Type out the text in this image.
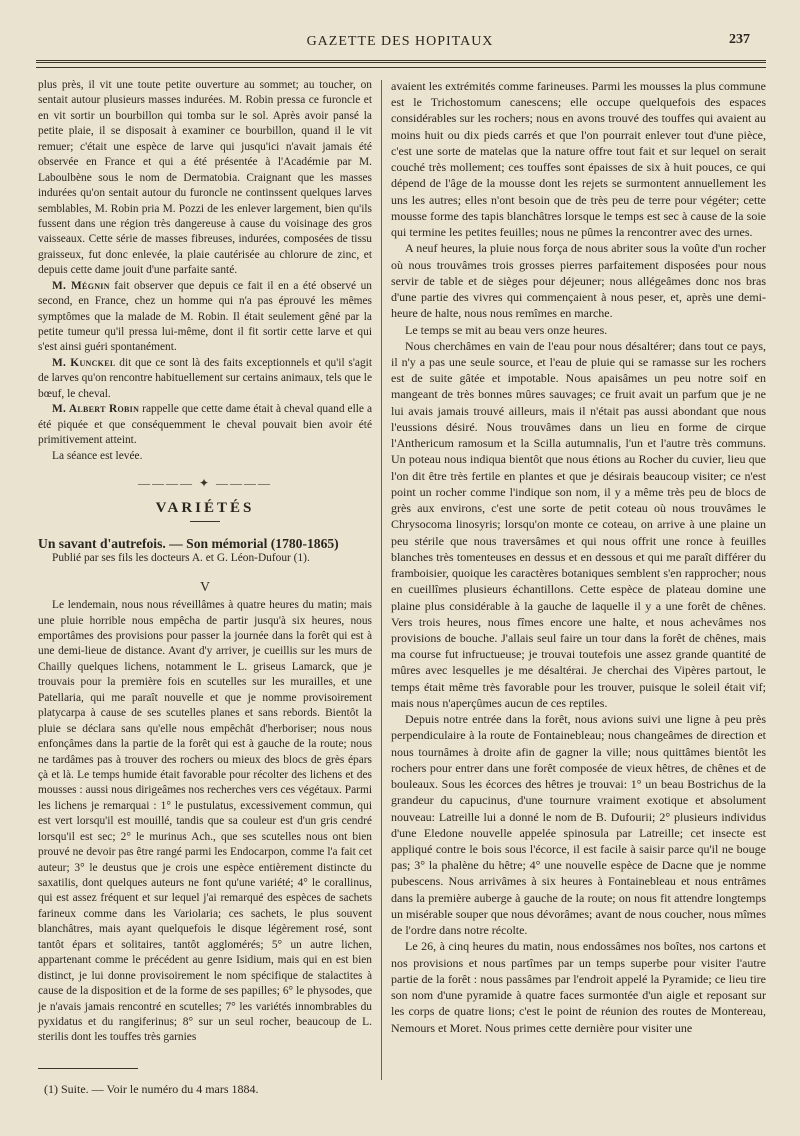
GAZETTE DES HOPITAUX	237

plus près, il vit une toute petite ouverture au sommet; au toucher, on sentait autour plusieurs masses indurées. M. Robin pressa ce furoncle et en vit sortir un bourbillon qui tomba sur le sol. Après avoir pansé la petite plaie, il se disposait à examiner ce bourbillon, quand il le vit remuer; c'était une espèce de larve qui jusqu'ici n'avait jamais été observée en France et qui a été présentée à l'Académie par M. Laboulbène sous le nom de Dermatobia. Craignant que les masses indurées qu'on sentait autour du furoncle ne continssent quelques larves semblables, M. Robin pria M. Pozzi de les enlever largement, bien qu'ils fussent dans une région très dangereuse à cause du voisinage des gros vaisseaux. Cette série de masses fibreuses, indurées, composées de tissu graisseux, fut donc enlevée, la plaie cautérisée au chlorure de zinc, et depuis cette dame jouit d'une parfaite santé.

M. Mégnin fait observer que depuis ce fait il en a été observé un second, en France, chez un homme qui n'a pas éprouvé les mêmes symptômes que la malade de M. Robin. Il était seulement gêné par la petite tumeur qu'il pressa lui-même, dont il fit sortir cette larve et qui s'est ainsi guéri spontanément.

M. Kunckel dit que ce sont là des faits exceptionnels et qu'il s'agit de larves qu'on rencontre habituellement sur certains animaux, tels que le bœuf, le cheval.

M. Albert Robin rappelle que cette dame était à cheval quand elle a été piquée et que conséquemment le cheval pouvait bien avoir été primitivement atteint.

La séance est levée.

———— ✦ ————
VARIÉTÉS

Un savant d'autrefois. — Son mémorial (1780-1865)

Publié par ses fils les docteurs A. et G. Léon-Dufour (1).

V

Le lendemain, nous nous réveillâmes à quatre heures du matin; mais une pluie horrible nous empêcha de partir jusqu'à six heures, nous emportâmes des provisions pour passer la journée dans la forêt qui est à une demi-lieue de distance. Avant d'y arriver, je cueillis sur les murs de Chailly quelques lichens, notamment le L. griseus Lamarck, que je trouvais pour la première fois en scutelles sur les murailles, et une Patellaria, qui me paraît nouvelle et que je nomme provisoirement platycarpa à cause de ses scutelles planes et sans rebords. Bientôt la pluie se déclara sans qu'elle nous empêchât d'herboriser; nous nous enfonçâmes dans la partie de la forêt qui est à gauche de la route; nous ne tardâmes pas à trouver des rochers ou mieux des blocs de grès épars çà et là. Le temps humide était favorable pour récolter des lichens et des mousses : aussi nous dirigeâmes nos recherches vers ces végétaux. Parmi les lichens je remarquai : 1° le pustulatus, excessivement commun, qui est vert lorsqu'il est mouillé, tandis que sa couleur est d'un gris cendré lorsqu'il est sec; 2° le murinus Ach., que ses scutelles nous ont bien prouvé ne devoir pas être rangé parmi les Endocarpon, comme l'a fait cet auteur; 3° le deustus que je crois une espèce entièrement distincte du saxatilis, dont quelques auteurs ne font qu'une variété; 4° le corallinus, qui est assez fréquent et sur lequel j'ai remarqué des espèces de sachets farineux comme dans les Variolaria; ces sachets, le plus souvent blanchâtres, mais ayant quelquefois le disque légèrement rosé, sont tantôt épars et solitaires, tantôt agglomérés; 5° un autre lichen, appartenant comme le précédent au genre Isidium, mais qui en est bien distinct, je lui donne provisoirement le nom spécifique de stalactites à cause de la disposition et de la forme de ses papilles; 6° le physodes, que je n'avais jamais rencontré en scutelles; 7° les variétés innombrables du pyxidatus et du rangiferinus; 8° sur un seul rocher, beaucoup de L. sterilis dont les touffes très garnies

avaient les extrémités comme farineuses. Parmi les mousses la plus commune est le Trichostomum canescens; elle occupe quelquefois des espaces considérables sur les rochers; nous en avons trouvé des touffes qui avaient au moins huit ou dix pieds carrés et que l'on pourrait enlever tout d'une pièce, c'est une sorte de matelas que la nature offre tout fait et sur lequel on serait couché très mollement; ces touffes sont épaisses de six à huit pouces, ce qui dépend de l'âge de la mousse dont les rejets se surmontent annuellement les uns les autres; elles n'ont besoin que de très peu de terre pour végéter; cette mousse forme des tapis blanchâtres lorsque le temps est sec à cause de la soie qui termine les petites feuilles; nous ne pûmes la rencontrer avec des urnes.

A neuf heures, la pluie nous força de nous abriter sous la voûte d'un rocher où nous trouvâmes trois grosses pierres parfaitement disposées pour nous servir de table et de sièges pour déjeuner; nous allégeâmes donc nos bras d'une partie des vivres qui commençaient à nous peser, et, après une demi-heure de halte, nous nous remîmes en marche.

Le temps se mit au beau vers onze heures.

Nous cherchâmes en vain de l'eau pour nous désaltérer; dans tout ce pays, il n'y a pas une seule source, et l'eau de pluie qui se ramasse sur les rochers est de suite gâtée et impotable. Nous apaisâmes un peu notre soif en mangeant de très bonnes mûres sauvages; ce fruit avait un parfum que je ne lui avais jamais trouvé ailleurs, mais il n'était pas aussi abondant que nous l'eussions désiré. Nous trouvâmes dans un lieu en forme de cirque l'Anthericum ramosum et la Scilla autumnalis, l'un et l'autre très communs. Un poteau nous indiqua bientôt que nous étions au Rocher du cuvier, lieu que l'on dit être très fertile en plantes et que je désirais beaucoup visiter; ce n'est point un rocher comme l'indique son nom, il y a même très peu de blocs de grès aux environs, c'est une sorte de petit coteau où nous trouvâmes le Chrysocoma linosyris; lorsqu'on monte ce coteau, on arrive à une plaine un peu stérile que nous traversâmes et qui nous offrit une ronce à feuilles blanches très tomenteuses en dessus et en dessous et qui me paraît différer du framboisier, quoique les caractères botaniques semblent s'en rapprocher; nous en cueillîmes plusieurs échantillons. Cette espèce de plateau domine une plaine plus considérable à la gauche de laquelle il y a une forêt de chênes. Vers trois heures, nous fîmes encore une halte, et nous achevâmes nos provisions de bouche. J'allais seul faire un tour dans la forêt de chênes, mais ma course fut infructueuse; je trouvai toutefois une assez grande quantité de mûres avec lesquelles je me désaltérai. Je cherchai des Vipères partout, le temps était même très favorable pour les trouver, puisque le soleil était vif; mais nous n'aperçûmes aucun de ces reptiles.

Depuis notre entrée dans la forêt, nous avions suivi une ligne à peu près perpendiculaire à la route de Fontainebleau; nous changeâmes de direction et nous tournâmes à droite afin de gagner la ville; nous quittâmes bientôt les rochers pour entrer dans une forêt composée de vieux hêtres, de chênes et de bouleaux. Sous les écorces des hêtres je trouvai: 1° un beau Bostrichus de la grandeur du capucinus, d'une tournure vraiment exotique et absolument nouveau: Latreille lui a donné le nom de B. Dufourii; 2° plusieurs individus d'une Eledone nouvelle appelée spinosula par Latreille; cet insecte est appliqué contre le bois sous l'écorce, il est facile à saisir parce qu'il ne bouge pas; 3° la phalène du hêtre; 4° une nouvelle espèce de Dacne que je nomme pubescens. Nous arrivâmes à six heures à Fontainebleau et nous entrâmes dans la première auberge à gauche de la route; on nous fit attendre longtemps un misérable souper que nous dévorâmes; avant de nous coucher, nous mîmes de l'ordre dans notre récolte.

Le 26, à cinq heures du matin, nous endossâmes nos boîtes, nos cartons et nos provisions et nous partîmes par un temps superbe pour visiter l'autre partie de la forêt : nous passâmes par l'endroit appelé la Pyramide; ce lieu tire son nom d'une pyramide à quatre faces surmontée d'un aigle et reposant sur les corps de quatre lions; c'est le point de réunion des routes de Montereau, Nemours et Moret. Nous primes cette dernière pour visiter une

(1) Suite. — Voir le numéro du 4 mars 1884.
